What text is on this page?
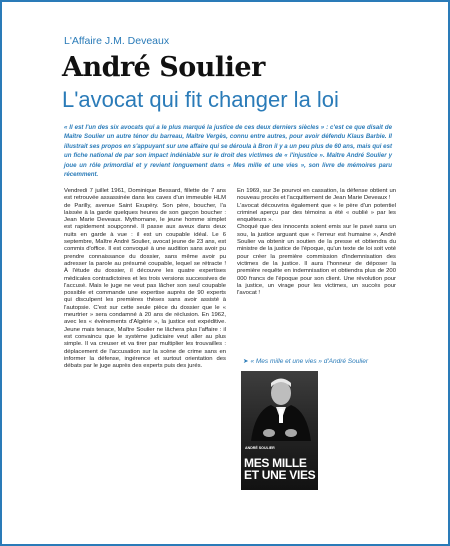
L'Affaire J.M. Deveaux
André Soulier
L'avocat qui fit changer la loi

« Il est l'un des six avocats qui a le plus marqué la justice de ces deux derniers siècles » : c'est ce que disait de Maître Soulier un autre ténor du barreau, Maître Vergès, connu entre autres, pour avoir défendu Klaus Barbie. Il illustrait ses propos en s'appuyant sur une affaire qui se déroula à Bron il y a un peu plus de 60 ans, mais qui est un fiche national de par son impact indéniable sur le droit des victimes de « l'injustice ». Maître André Soulier y joue un rôle primordial et y revient longuement dans « Mes mille et une vies », son livre de mémoires paru récemment.

Vendredi 7 juillet 1961, Dominique Bessard, fillette de 7 ans est retrouvée assassinée dans les caves d'un immeuble HLM de Parilly, avenue Saint Exupéry. Son père, boucher, l'a laissée à la garde quelques heures de son garçon boucher : Jean Marie Deveaux. Mythomane, le jeune homme simplet est rapidement soupçonné. Il passe aux aveux dans deux nuits en garde à vue : il est un coupable idéal. Le 6 septembre, Maître André Soulier, avocat jeune de 23 ans, est commis d'office. Il est convoqué à une audition sans avoir pu prendre connaissance du dossier, sans même avoir pu adresser la parole au présumé coupable, lequel se rétracte ! À l'étude du dossier, il découvre les quatre expertises médicales contradictoires et les trois versions successives de l'accusé. Mais le juge ne veut pas lâcher son seul coupable possible et commande une expertise auprès de 90 experts qui disculpent les premières thèses sans avoir assisté à l'autopsie. C'est sur cette seule pièce du dossier que le « meurtrier » sera condamné à 20 ans de réclusion. En 1962, avec les « événements d'Algérie », la justice est expéditive. Jeune mais tenace, Maître Soulier ne lâchera plus l'affaire : il est convaincu que le système judiciaire veut aller au plus simple. Il va creuser et va tirer par multiplier les trouvailles : déplacement de l'accusation sur la scène de crime sans en informer la défense, ingérence et surtout orientation des débats par le juge auprès des experts puis des jurés.

En 1969, sur 3e pourvoi en cassation, la défense obtient un nouveau procès et l'acquittement de Jean Marie Deveaux !

L'avocat découvrira également que « le père d'un potentiel criminel aperçu par des témoins a été « oublié » par les enquêteurs ».

Choqué que des innocents soient emis sur le pavé sans un sou, la justice arguant que « l'erreur est humaine », André Soulier va obtenir un soutien de la presse et obtiendra du ministre de la justice de l'époque, qu'un texte de loi soit voté pour créer la première commission d'indemnisation des victimes de la justice. Il aura l'honneur de déposer la première requête en indemnisation et obtiendra plus de 200 000 francs de l'époque pour son client. Une révolution pour la justice, un virage pour les victimes, un succès pour l'avocat !

➤ « Mes mille et une vies » d'André Soulier
ANDRÉ SOULIER
MES MILLE ET UNE VIES
